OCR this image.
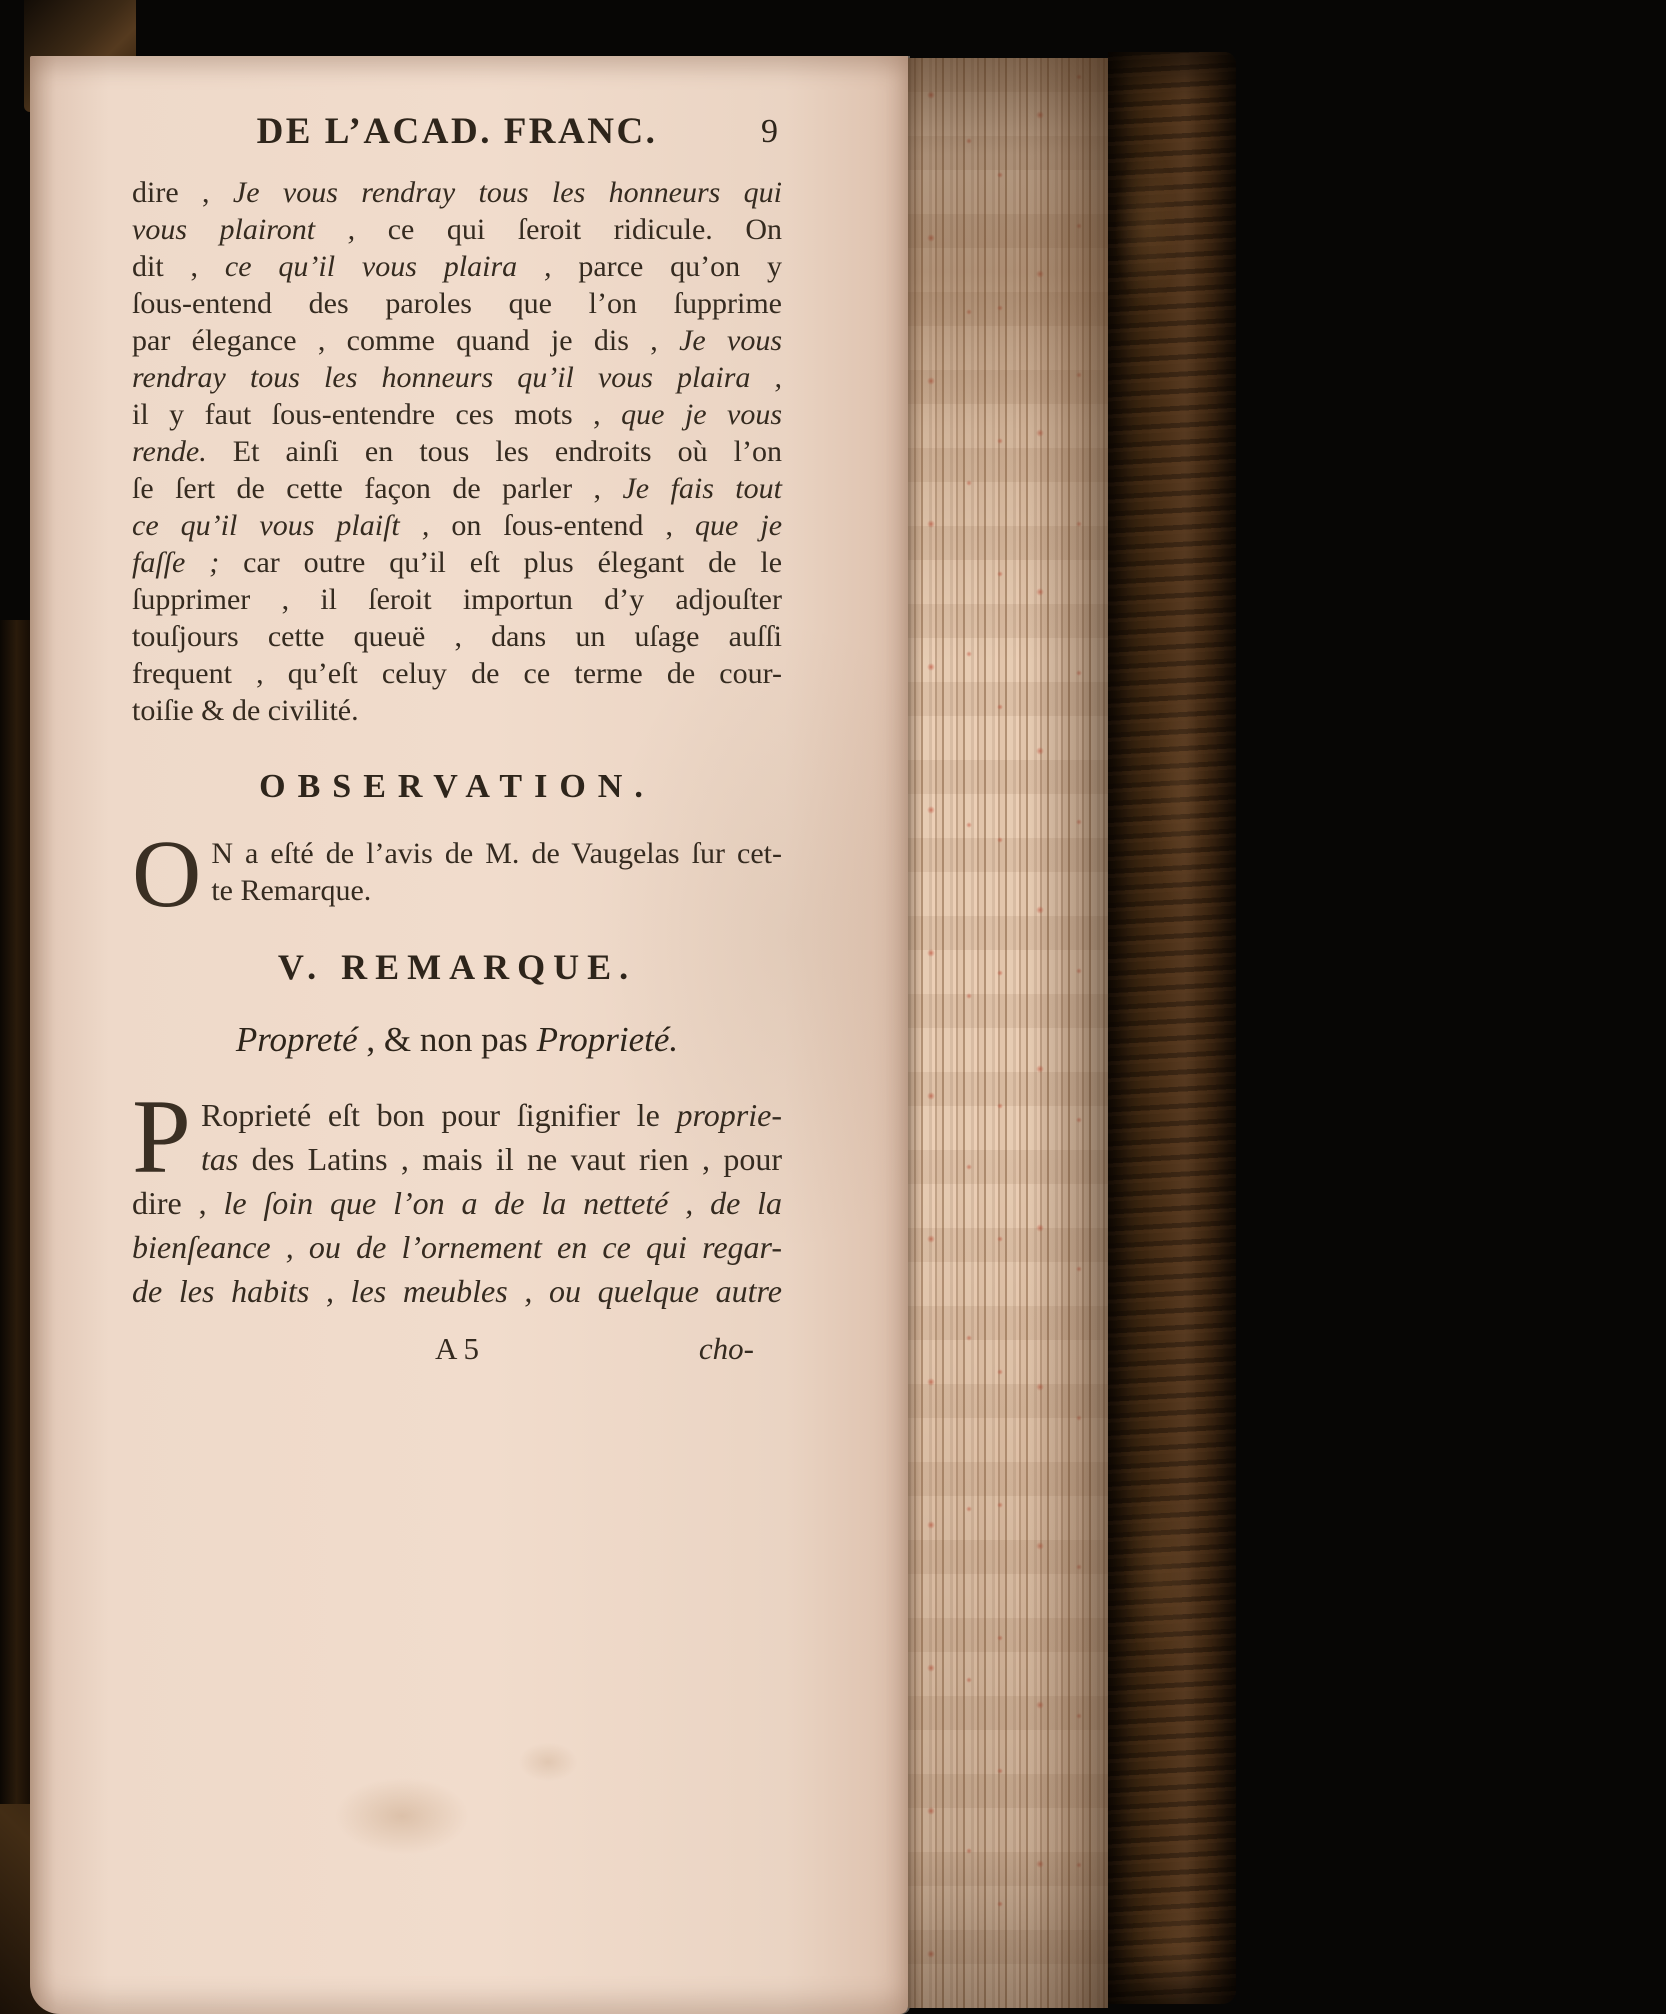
DE L’ACAD. FRANC.	9
dire , Je vous rendray tous les honneurs qui
vous plairont , ce qui ſeroit ridicule. On
dit , ce qu’il vous plaira , parce qu’on y
ſous-entend des paroles que l’on ſupprime
par élegance , comme quand je dis , Je vous
rendray tous les honneurs qu’il vous plaira ,
il y faut ſous-entendre ces mots , que je vous
rende. Et ainſi en tous les endroits où l’on
ſe ſert de cette façon de parler , Je fais tout
ce qu’il vous plaiſt , on ſous-entend , que je
faſſe ; car outre qu’il eſt plus élegant de le
ſupprimer , il ſeroit importun d’y adjouſter
touſjours cette queuë , dans un uſage auſſi
frequent , qu’eſt celuy de ce terme de cour-
toiſie & de civilité.
OBSERVATION.
O N a eſté de l’avis de M. de Vaugelas ſur cet-
te Remarque.
V. REMARQUE.
Propreté , & non pas Proprieté.
P Roprieté eſt bon pour ſignifier le proprie-
tas des Latins , mais il ne vaut rien , pour
dire , le ſoin que l’on a de la netteté , de la
bienſeance , ou de l’ornement en ce qui regar-
de les habits , les meubles , ou quelque autre
A 5	cho-
